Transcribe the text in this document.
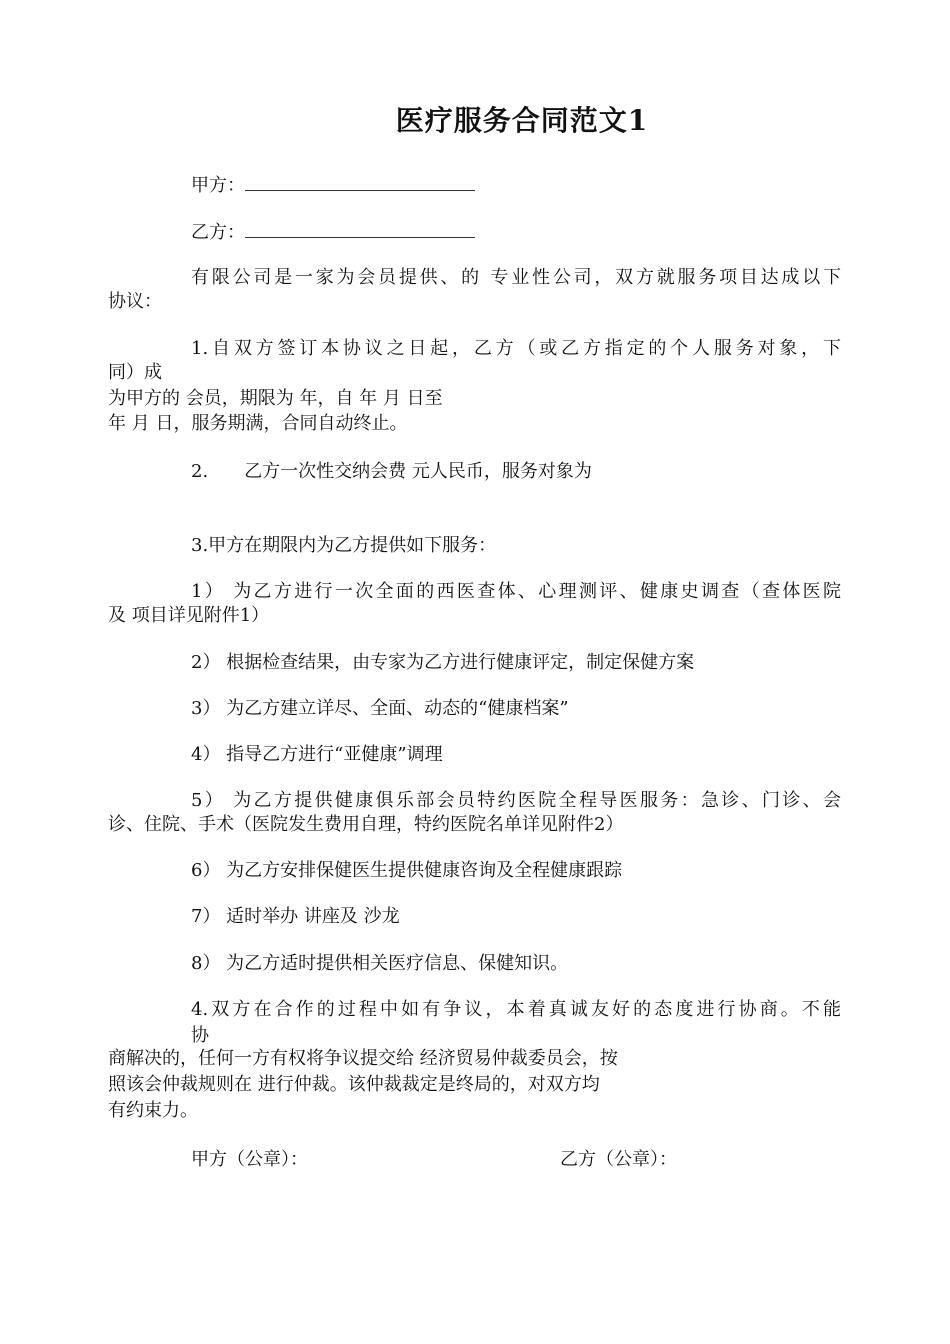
医疗服务合同范文1
甲方：
乙方：
有限公司是一家为会员提供、的 专业性公司，双方就服务项目达成以下
协议：
1.自双方签订本协议之日起，乙方（或乙方指定的个人服务对象，下
同）成
为甲方的 会员，期限为 年，自 年 月 日至
年 月 日，服务期满，合同自动终止。
2. 乙方一次性交纳会费 元人民币，服务对象为
3.甲方在期限内为乙方提供如下服务：
1） 为乙方进行一次全面的西医查体、心理测评、健康史调查（查体医院
及 项目详见附件1）
2） 根据检查结果，由专家为乙方进行健康评定，制定保健方案
3） 为乙方建立详尽、全面、动态的“健康档案”
4） 指导乙方进行“亚健康”调理
5） 为乙方提供健康俱乐部会员特约医院全程导医服务：急诊、门诊、会
诊、住院、手术（医院发生费用自理，特约医院名单详见附件2）
6） 为乙方安排保健医生提供健康咨询及全程健康跟踪
7） 适时举办 讲座及 沙龙
8） 为乙方适时提供相关医疗信息、保健知识。
4.双方在合作的过程中如有争议，本着真诚友好的态度进行协商。不能
协
商解决的，任何一方有权将争议提交给 经济贸易仲裁委员会，按
照该会仲裁规则在 进行仲裁。该仲裁裁定是终局的，对双方均
有约束力。
甲方（公章）：	乙方（公章）：
